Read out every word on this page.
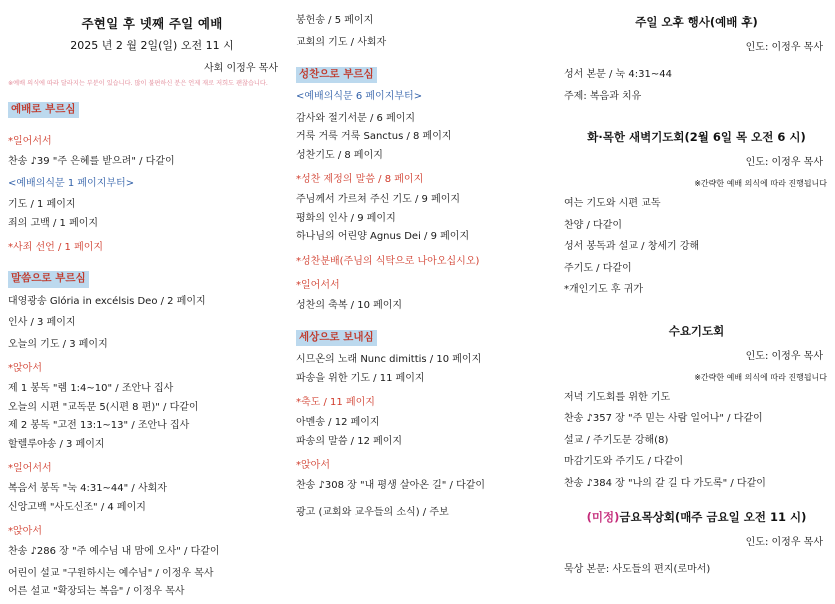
주현일 후 넷째 주일 예배
2025 년 2 월 2일(일) 오전 11 시
사회 이정우 목사
※예배 의식에 따라 달라지는 부분이 있습니다. 많이 불편하신 분은 언제 재로 저희도 괜찮습니다.
예배로 부르심
*일어서서
찬송 ♪39 "주 은혜를 받으려" / 다같이
<예배의식문 1 페이지부터>
기도 / 1 페이지
죄의 고백 / 1 페이지
*사죄 선언 / 1 페이지
말씀으로 부르심
대영광송 Glória in excélsis Deo / 2 페이지
인사 / 3 페이지
오늘의 기도 / 3 페이지
*앉아서
제 1 봉독 "렘 1:4~10" / 조안나 집사
오늘의 시편 "교독문 5(시편 8 편)" / 다같이
제 2 봉독 "고전 13:1~13" / 조안나 집사
할렐루야송 / 3 페이지
*일어서서
복음서 봉독 "눅 4:31~44" / 사회자
신앙고백 "사도신조" / 4 페이지
*앉아서
찬송 ♪286 장 "주 예수님 내 맘에 오사" / 다같이
어린이 설교 "구원하시는 예수님" / 이정우 목사
어른 설교 "확장되는 복음" / 이정우 목사
봉헌송 / 5 페이지
교회의 기도 / 사회자
성찬으로 부르심
<예배의식문 6 페이지부터>
감사와 절기서문 / 6 페이지
거룩 거룩 거룩 Sanctus / 8 페이지
성찬기도 / 8 페이지
*성찬 제정의 말씀 / 8 페이지
주님께서 가르쳐 주신 기도 / 9 페이지
평화의 인사 / 9 페이지
하나님의 어린양 Agnus Dei / 9 페이지
*성찬분배(주님의 식탁으로 나아오십시오)
*일어서서
성찬의 축복 / 10 페이지
세상으로 보내심
시므온의 노래 Nunc dimittis / 10 페이지
파송을 위한 기도 / 11 페이지
*축도 / 11 페이지
아멘송 / 12 페이지
파송의 말씀 / 12 페이지
*앉아서
찬송 ♪308 장 "내 평생 살아온 길" / 다같이
광고 (교회와 교우들의 소식) / 주보
주일 오후 행사(예배 후)
인도: 이정우 목사
성서 본문 / 눅 4:31~44
주제: 복음과 치유
화·목한 새벽기도회(2월 6일 목 오전 6 시)
인도: 이정우 목사
※간략한 예배 의식에 따라 진행됩니다
여는 기도와 시편 교독
찬양 / 다같이
성서 봉독과 설교 / 창세기 강해
주기도 / 다같이
*개인기도 후 귀가
수요기도회
인도: 이정우 목사
※간략한 예배 의식에 따라 진행됩니다
저녁 기도회를 위한 기도
찬송 ♪357 장 "주 믿는 사람 일어나" / 다같이
설교 / 주기도문 강해(8)
마감기도와 주기도 / 다같이
찬송 ♪384 장 "나의 갈 길 다 가도록" / 다같이
(미정)금요목상회(매주 금요일 오전 11 시)
인도: 이정우 목사
묵상 본문: 사도들의 편지(로마서)
